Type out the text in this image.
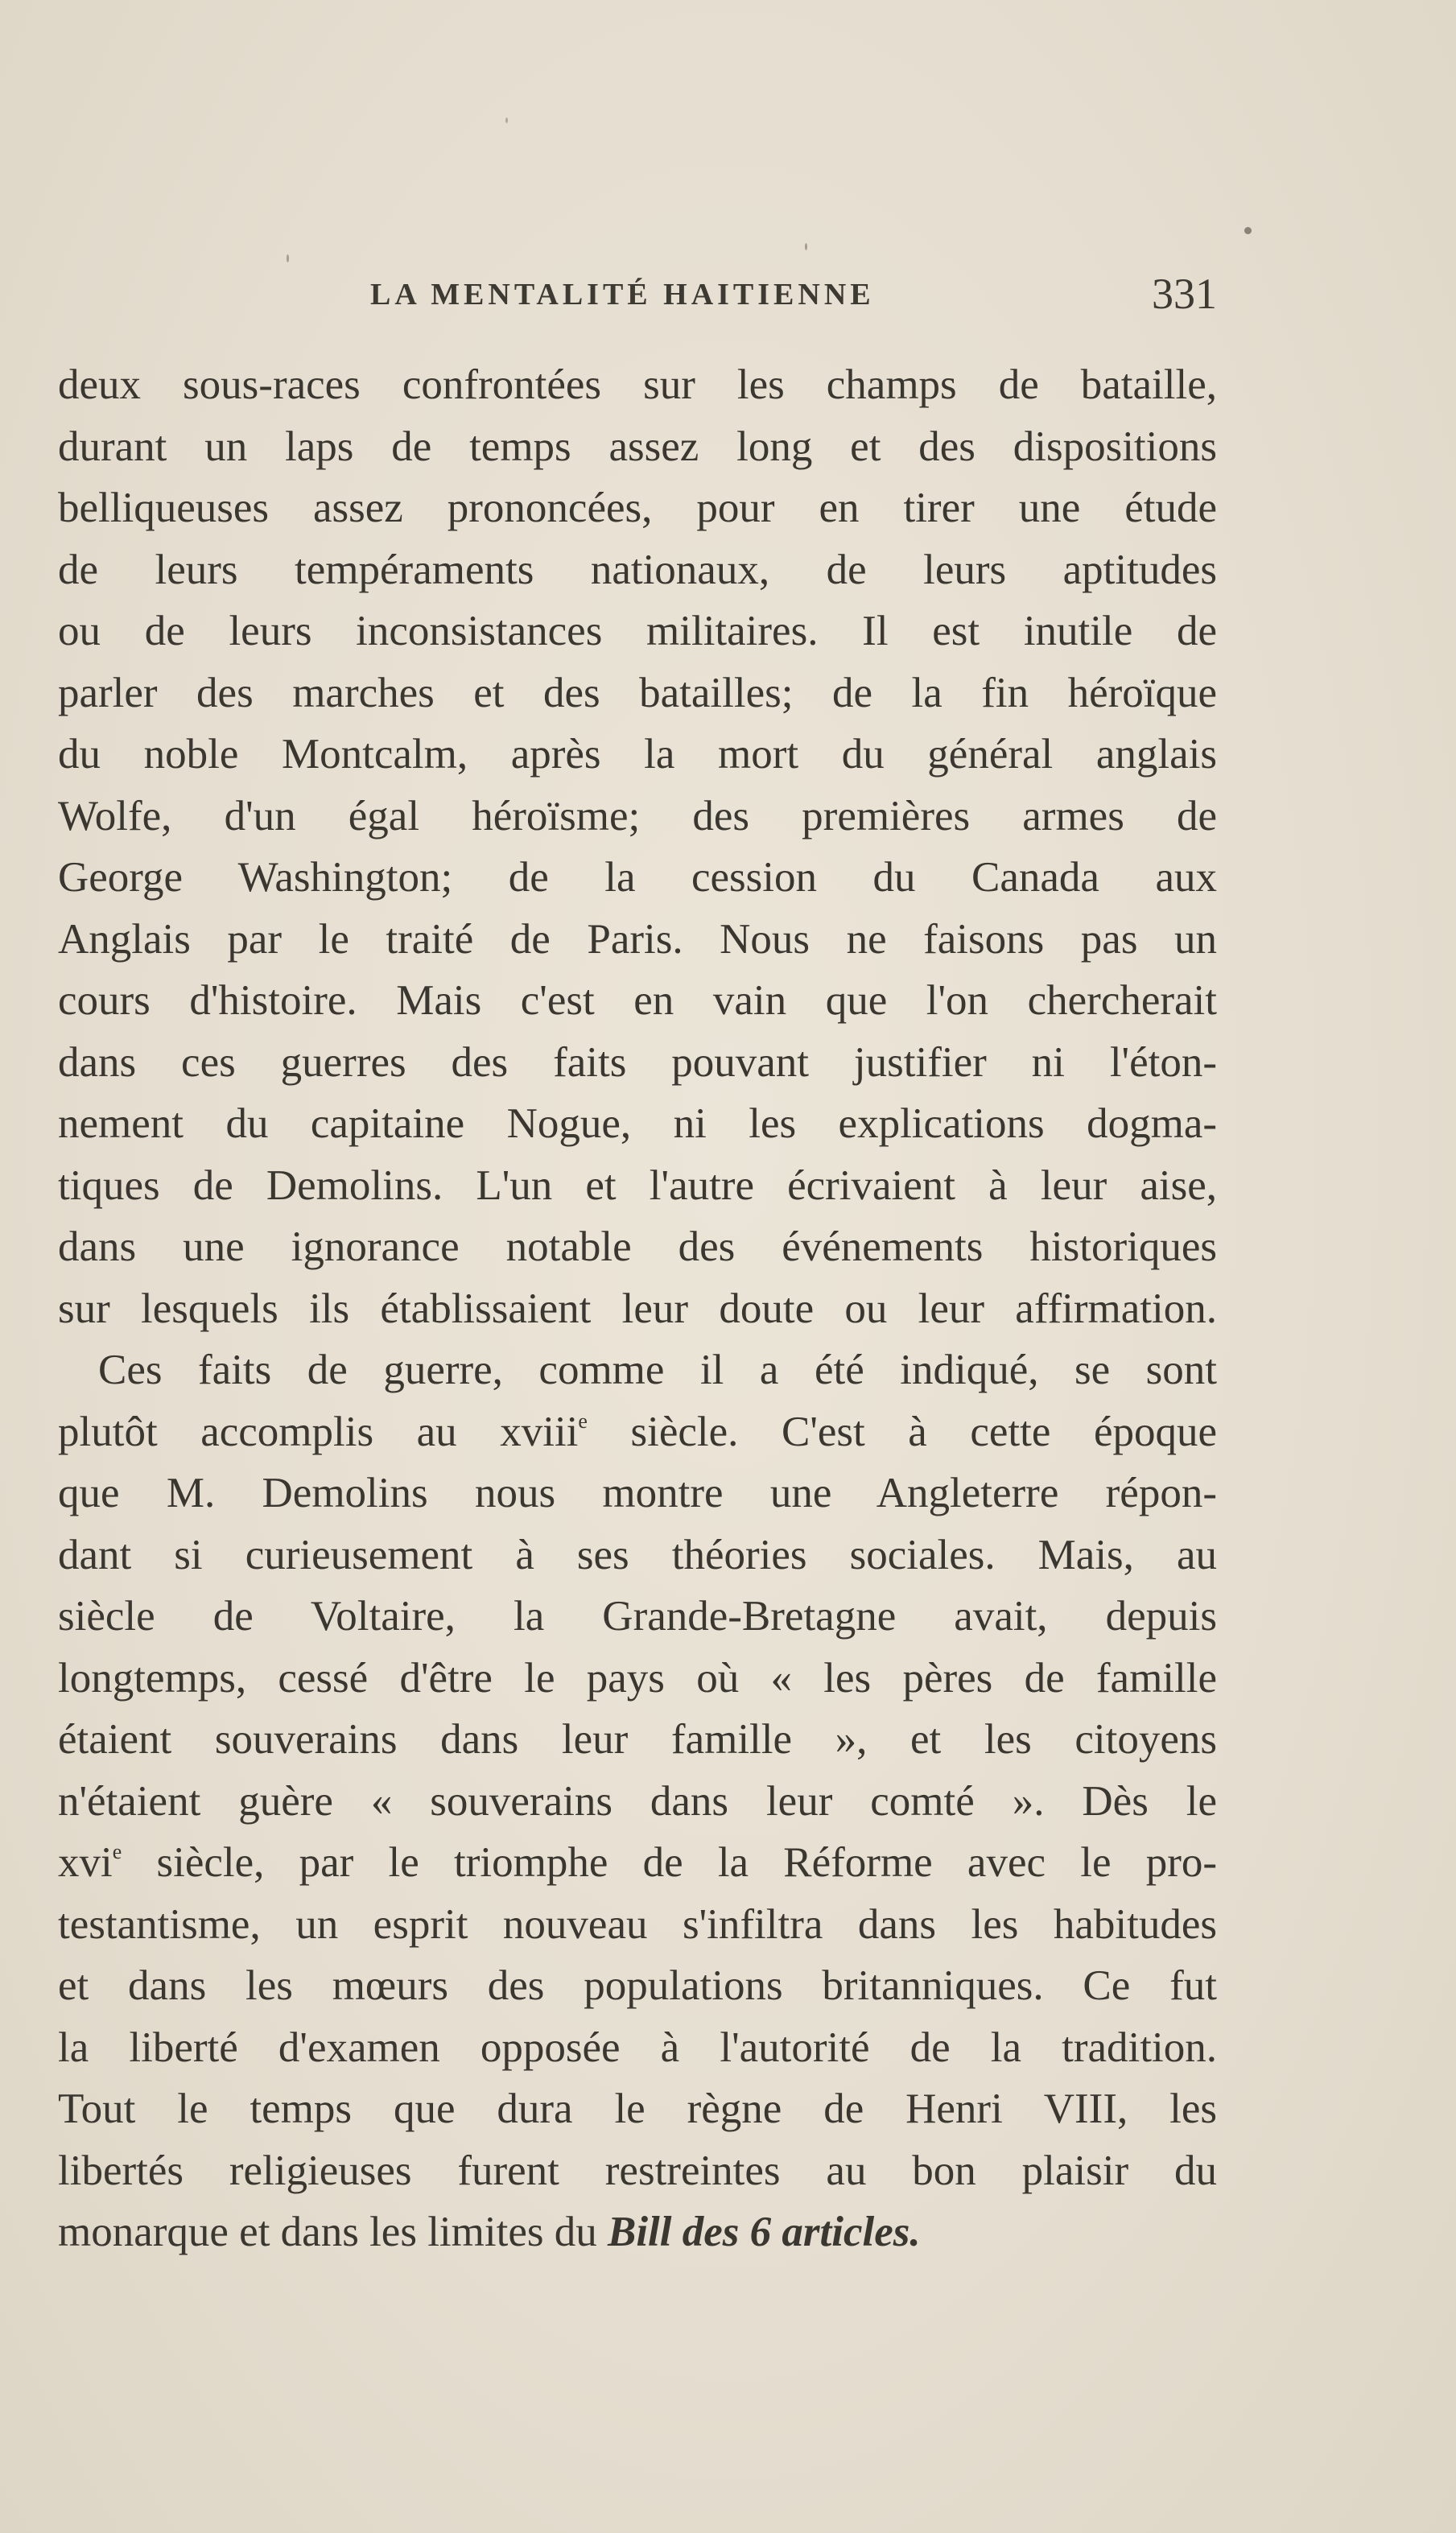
LA MENTALITÉ HAITIENNE	331
deux sous-races confrontées sur les champs de bataille,
durant un laps de temps assez long et des dispositions
belliqueuses assez prononcées, pour en tirer une étude
de leurs tempéraments nationaux, de leurs aptitudes
ou de leurs inconsistances militaires. Il est inutile de
parler des marches et des batailles; de la fin héroïque
du noble Montcalm, après la mort du général anglais
Wolfe, d'un égal héroïsme; des premières armes de
George Washington; de la cession du Canada aux
Anglais par le traité de Paris. Nous ne faisons pas un
cours d'histoire. Mais c'est en vain que l'on chercherait
dans ces guerres des faits pouvant justifier ni l'éton-
nement du capitaine Nogue, ni les explications dogma-
tiques de Demolins. L'un et l'autre écrivaient à leur aise,
dans une ignorance notable des événements historiques
sur lesquels ils établissaient leur doute ou leur affirmation.
Ces faits de guerre, comme il a été indiqué, se sont
plutôt accomplis au xviii$^e$ siècle. C'est à cette époque
que M. Demolins nous montre une Angleterre répon-
dant si curieusement à ses théories sociales. Mais, au
siècle de Voltaire, la Grande-Bretagne avait, depuis
longtemps, cessé d'être le pays où « les pères de famille
étaient souverains dans leur famille », et les citoyens
n'étaient guère « souverains dans leur comté ». Dès le
xvi$^e$ siècle, par le triomphe de la Réforme avec le pro-
testantisme, un esprit nouveau s'infiltra dans les habitudes
et dans les mœurs des populations britanniques. Ce fut
la liberté d'examen opposée à l'autorité de la tradition.
Tout le temps que dura le règne de Henri VIII, les
libertés religieuses furent restreintes au bon plaisir du
monarque et dans les limites du Bill des 6 articles.
